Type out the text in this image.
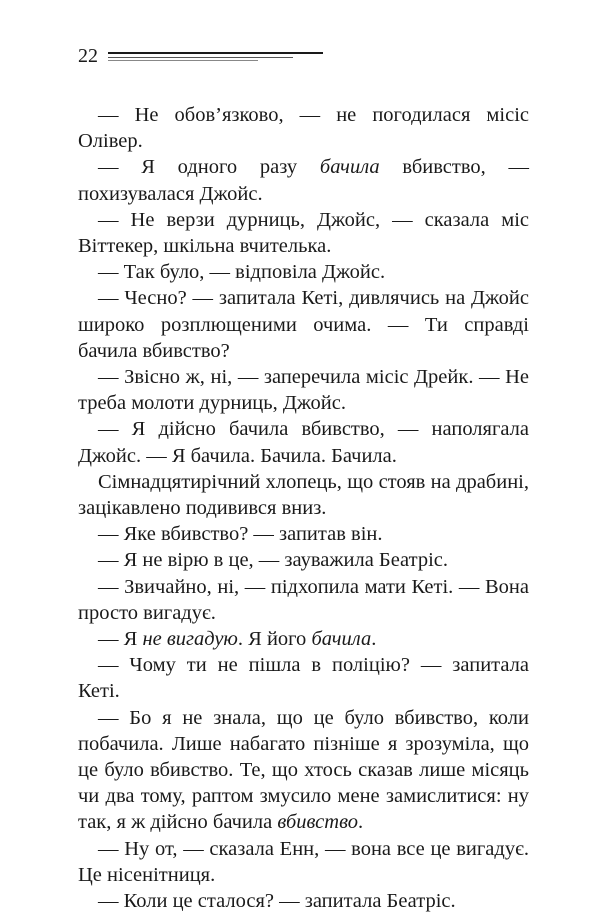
22

— Не обов’язково, — не погодилася місіс Олівер.

— Я одного разу бачила вбивство, — похизувалася Джойс.

— Не верзи дурниць, Джойс, — сказала міс Віттекер, шкільна вчителька.

— Так було, — відповіла Джойс.

— Чесно? — запитала Кеті, дивлячись на Джойс широко розплющеними очима. — Ти справді бачила вбивство?

— Звісно ж, ні, — заперечила місіс Дрейк. — Не треба молоти дурниць, Джойс.

— Я дійсно бачила вбивство, — наполягала Джойс. — Я бачила. Бачила. Бачила.

Сімнадцятирічний хлопець, що стояв на драбині, зацікавлено подивився вниз.

— Яке вбивство? — запитав він.

— Я не вірю в це, — зауважила Беатріс.

— Звичайно, ні, — підхопила мати Кеті. — Вона просто вигадує.

— Я не вигадую. Я його бачила.

— Чому ти не пішла в поліцію? — запитала Кеті.

— Бо я не знала, що це було вбивство, коли побачила. Лише набагато пізніше я зрозуміла, що це було вбивство. Те, що хтось сказав лише місяць чи два тому, раптом змусило мене замислитися: ну так, я ж дійсно бачила вбивство.

— Ну от, — сказала Енн, — вона все це вигадує. Це нісенітниця.

— Коли це сталося? — запитала Беатріс.
